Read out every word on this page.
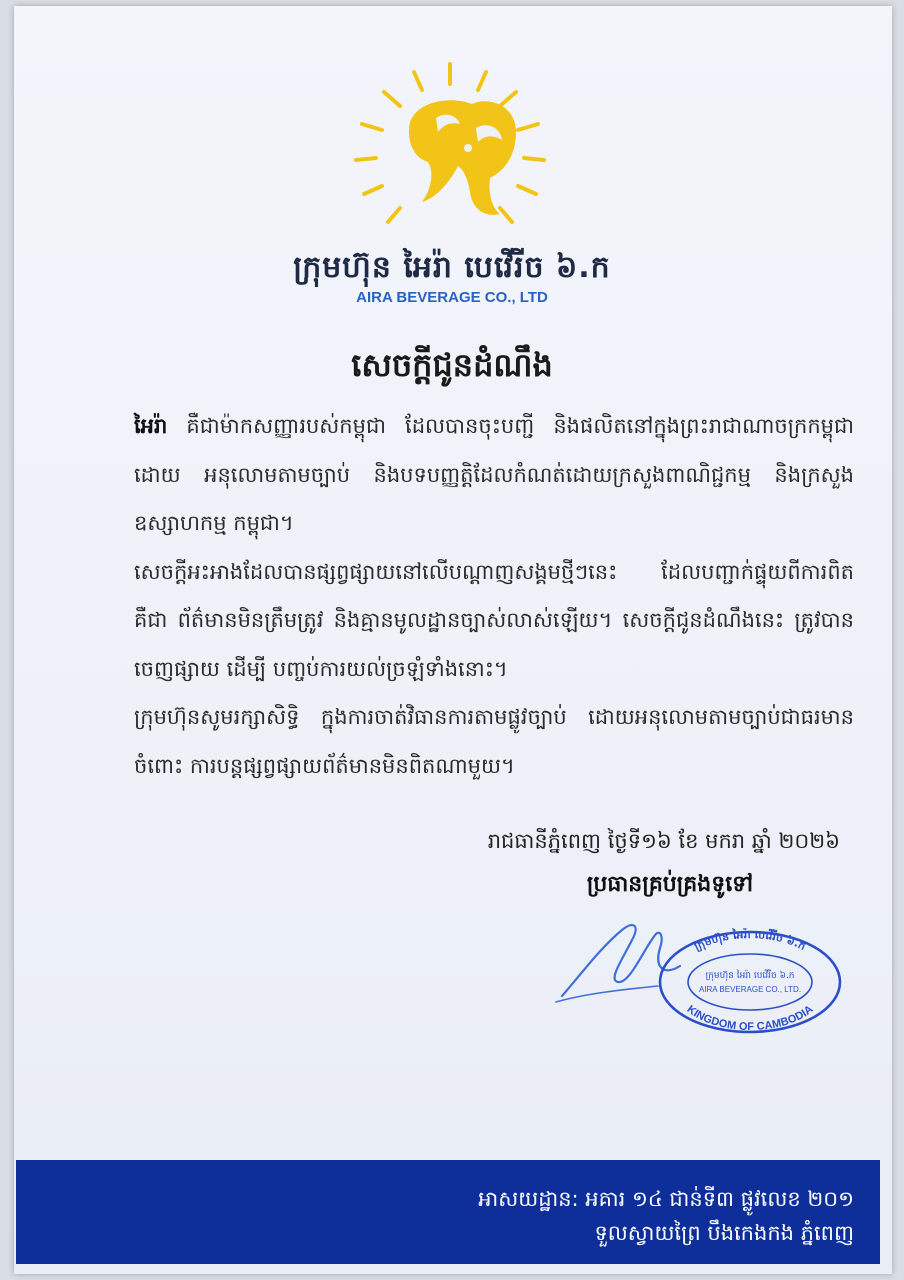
ក្រុមហ៊ុន អៃរ៉ា បេវើរីច ៦.ក
AIRA BEVERAGE CO., LTD
សេចក្តីជូនដំណឹង

អៃរ៉ា គឺជាម៉ាកសញ្ញារបស់កម្ពុជា ដែលបានចុះបញ្ជី និងផលិតនៅក្នុងព្រះរាជាណាចក្រកម្ពុជា ដោយ អនុលោមតាមច្បាប់ និងបទបញ្ញត្តិដែលកំណត់ដោយក្រសួងពាណិជ្ជកម្ម និងក្រសួងឧស្សាហកម្ម កម្ពុជា។

សេចក្តីអះអាងដែលបានផ្សព្វផ្សាយនៅលើបណ្តាញសង្គមថ្មីៗនេះ ដែលបញ្ជាក់ផ្ទុយពីការពិត គឺជា ព័ត៌មានមិនត្រឹមត្រូវ និងគ្មានមូលដ្ឋានច្បាស់លាស់ឡើយ។ សេចក្តីជូនដំណឹងនេះ ត្រូវបានចេញផ្សាយ ដើម្បី បញ្ចប់ការយល់ច្រឡំទាំងនោះ។

ក្រុមហ៊ុនសូមរក្សាសិទ្ធិ ក្នុងការចាត់វិធានការតាមផ្លូវច្បាប់ ដោយអនុលោមតាមច្បាប់ជាធរមាន ចំពោះ ការបន្តផ្សព្វផ្សាយព័ត៌មានមិនពិតណាមួយ។

រាជធានីភ្នំពេញ ថ្ងៃទី១៦ ខែ មករា ឆ្នាំ ២០២៦
ប្រធានគ្រប់គ្រងទូទៅ
ក្រុមហ៊ុន អៃរ៉ា បេវើរីច ៦.ក
KINGDOM OF CAMBODIA
ក្រុមហ៊ុន អៃរ៉ា បេវើរីច ៦.ក
AIRA BEVERAGE CO., LTD.
អាសយដ្ឋាន: អគារ ១៤ ជាន់ទី៣ ផ្លូវលេខ ២០១
ទួលស្វាយព្រៃ បឹងកេងកង ភ្នំពេញ
